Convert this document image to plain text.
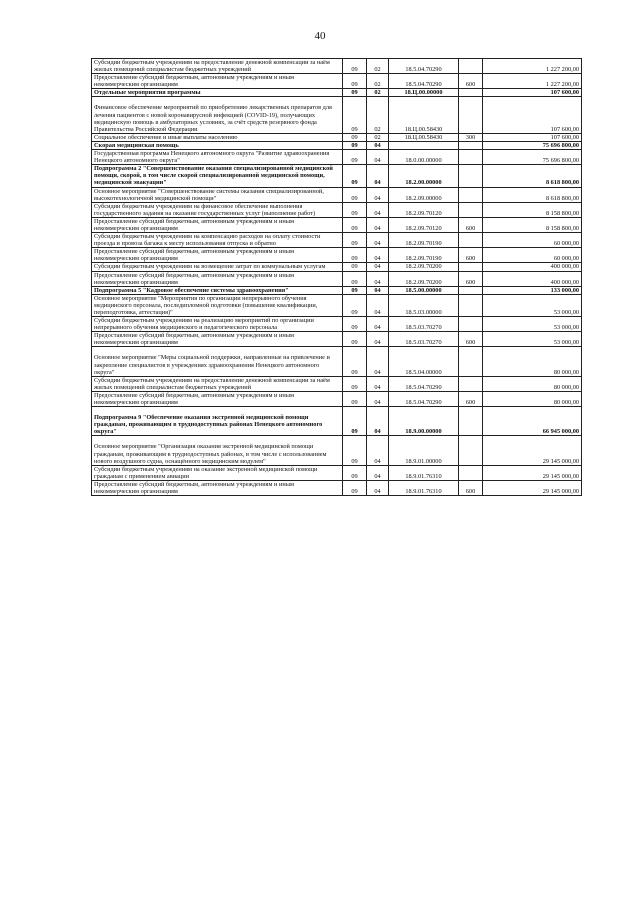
40
Субсидии бюджетным учреждениям на предоставление денежной компенсации за наём жилых помещений специалистам бюджетных учреждений	09	02	18.5.04.70290		1 227 200,00
Предоставление субсидий бюджетным, автономным учреждениям и иным некоммерческим организациям	09	02	18.5.04.70290	600	1 227 200,00
Отдельные мероприятия программы	09	02	18.Ц.00.00000		107 600,00
Финансовое обеспечение мероприятий по приобретению лекарственных препаратов для лечения пациентов с новой коронавирусной инфекцией (COVID-19), получающих медицинскую помощь в амбулаторных условиях, за счёт средств резервного фонда Правительства Российской Федерации	09	02	18.Ц.00.58430		107 600,00
Социальное обеспечение и иные выплаты населению	09	02	18.Ц.00.58430	300	107 600,00
Скорая медицинская помощь	09	04			75 696 800,00
Государственная программа Ненецкого автономного округа "Развитие здравоохранения Ненецкого автономного округа"	09	04	18.0.00.00000		75 696 800,00
Подпрограмма 2 "Совершенствование оказания специализированной медицинской помощи, скорой, в том числе скорой специализированной медицинской помощи, медицинской эвакуации"	09	04	18.2.00.00000		8 618 800,00
Основное мероприятие "Совершенствование системы оказания специализированной, высокотехнологичной медицинской помощи"	09	04	18.2.09.00000		8 618 800,00
Субсидии бюджетным учреждениям на финансовое обеспечение выполнения государственного задания на оказание государственных услуг (выполнение работ)	09	04	18.2.09.70120		8 158 800,00
Предоставление субсидий бюджетным, автономным учреждениям и иным некоммерческим организациям	09	04	18.2.09.70120	600	8 158 800,00
Субсидии бюджетным учреждениям на компенсацию расходов на оплату стоимости проезда и провоза багажа к месту использования отпуска и обратно	09	04	18.2.09.70190		60 000,00
Предоставление субсидий бюджетным, автономным учреждениям и иным некоммерческим организациям	09	04	18.2.09.70190	600	60 000,00
Субсидии бюджетным учреждениям на возмещение затрат по коммунальным услугам	09	04	18.2.09.70200		400 000,00
Предоставление субсидий бюджетным, автономным учреждениям и иным некоммерческим организациям	09	04	18.2.09.70200	600	400 000,00
Подпрограмма 5 "Кадровое обеспечение системы здравоохранения"	09	04	18.5.00.00000		133 000,00
Основное мероприятие "Мероприятия по организации непрерывного обучения медицинского персонала, последипломной подготовки (повышение квалификации, переподготовка, аттестация)"	09	04	18.5.03.00000		53 000,00
Субсидии бюджетным учреждениям на реализацию мероприятий по организации непрерывного обучения медицинского и педагогического персонала	09	04	18.5.03.70270		53 000,00
Предоставление субсидий бюджетным, автономным учреждениям и иным некоммерческим организациям	09	04	18.5.03.70270	600	53 000,00
Основное мероприятие "Меры социальной поддержки, направленные на привлечение и закрепление специалистов в учреждениях здравоохранения Ненецкого автономного округа"	09	04	18.5.04.00000		80 000,00
Субсидии бюджетным учреждениям на предоставление денежной компенсации за наём жилых помещений специалистам бюджетных учреждений	09	04	18.5.04.70290		80 000,00
Предоставление субсидий бюджетным, автономным учреждениям и иным некоммерческим организациям	09	04	18.5.04.70290	600	80 000,00
Подпрограмма 9 "Обеспечение оказания экстренной медицинской помощи гражданам, проживающим в труднодоступных районах Ненецкого автономного округа"	09	04	18.9.00.00000		66 945 000,00
Основное мероприятие "Организация оказания экстренной медицинской помощи гражданам, проживающим в труднодоступных районах, в том числе с использованием нового воздушного судна, оснащённого медицинским модулем"	09	04	18.9.01.00000		29 145 000,00
Субсидии бюджетным учреждениям на оказание экстренной медицинской помощи гражданам с применением авиации	09	04	18.9.01.76310		29 145 000,00
Предоставление субсидий бюджетным, автономным учреждениям и иным некоммерческим организациям	09	04	18.9.01.76310	600	29 145 000,00
